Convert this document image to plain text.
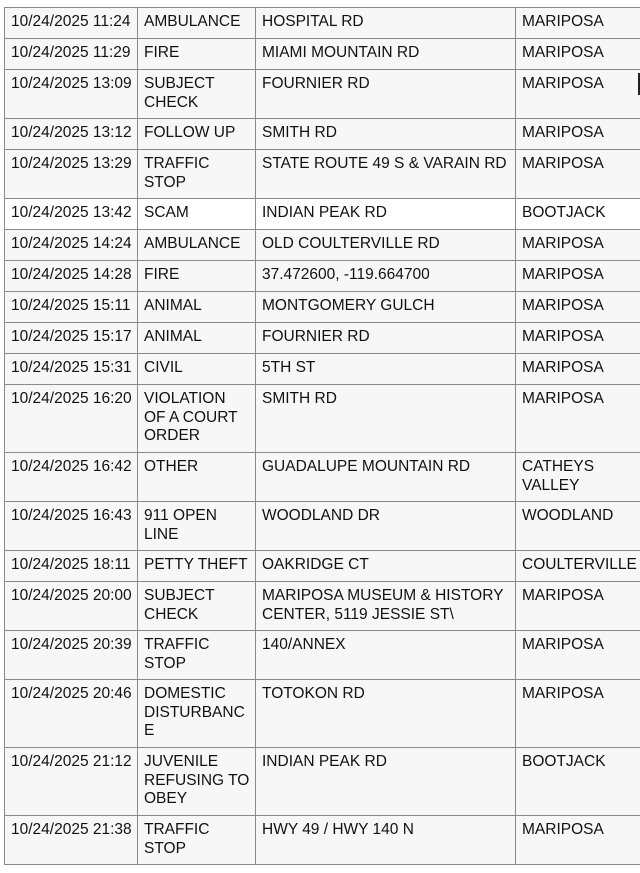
10/24/2025 11:24	AMBULANCE	HOSPITAL RD	MARIPOSA
10/24/2025 11:29	FIRE	MIAMI MOUNTAIN RD	MARIPOSA
10/24/2025 13:09	SUBJECT CHECK	FOURNIER RD	MARIPOSA
10/24/2025 13:12	FOLLOW UP	SMITH RD	MARIPOSA
10/24/2025 13:29	TRAFFIC STOP	STATE ROUTE 49 S & VARAIN RD	MARIPOSA
10/24/2025 13:42	SCAM	INDIAN PEAK RD	BOOTJACK
10/24/2025 14:24	AMBULANCE	OLD COULTERVILLE RD	MARIPOSA
10/24/2025 14:28	FIRE	37.472600, -119.664700	MARIPOSA
10/24/2025 15:11	ANIMAL	MONTGOMERY GULCH	MARIPOSA
10/24/2025 15:17	ANIMAL	FOURNIER RD	MARIPOSA
10/24/2025 15:31	CIVIL	5TH ST	MARIPOSA
10/24/2025 16:20	VIOLATION OF A COURT ORDER	SMITH RD	MARIPOSA
10/24/2025 16:42	OTHER	GUADALUPE MOUNTAIN RD	CATHEYS VALLEY
10/24/2025 16:43	911 OPEN LINE	WOODLAND DR	WOODLAND
10/24/2025 18:11	PETTY THEFT	OAKRIDGE CT	COULTERVILLE
10/24/2025 20:00	SUBJECT CHECK	MARIPOSA MUSEUM & HISTORY CENTER, 5119 JESSIE ST\	MARIPOSA
10/24/2025 20:39	TRAFFIC STOP	140/ANNEX	MARIPOSA
10/24/2025 20:46	DOMESTIC DISTURBANCE	TOTOKON RD	MARIPOSA
10/24/2025 21:12	JUVENILE REFUSING TO OBEY	INDIAN PEAK RD	BOOTJACK
10/24/2025 21:38	TRAFFIC STOP	HWY 49 / HWY 140 N	MARIPOSA
